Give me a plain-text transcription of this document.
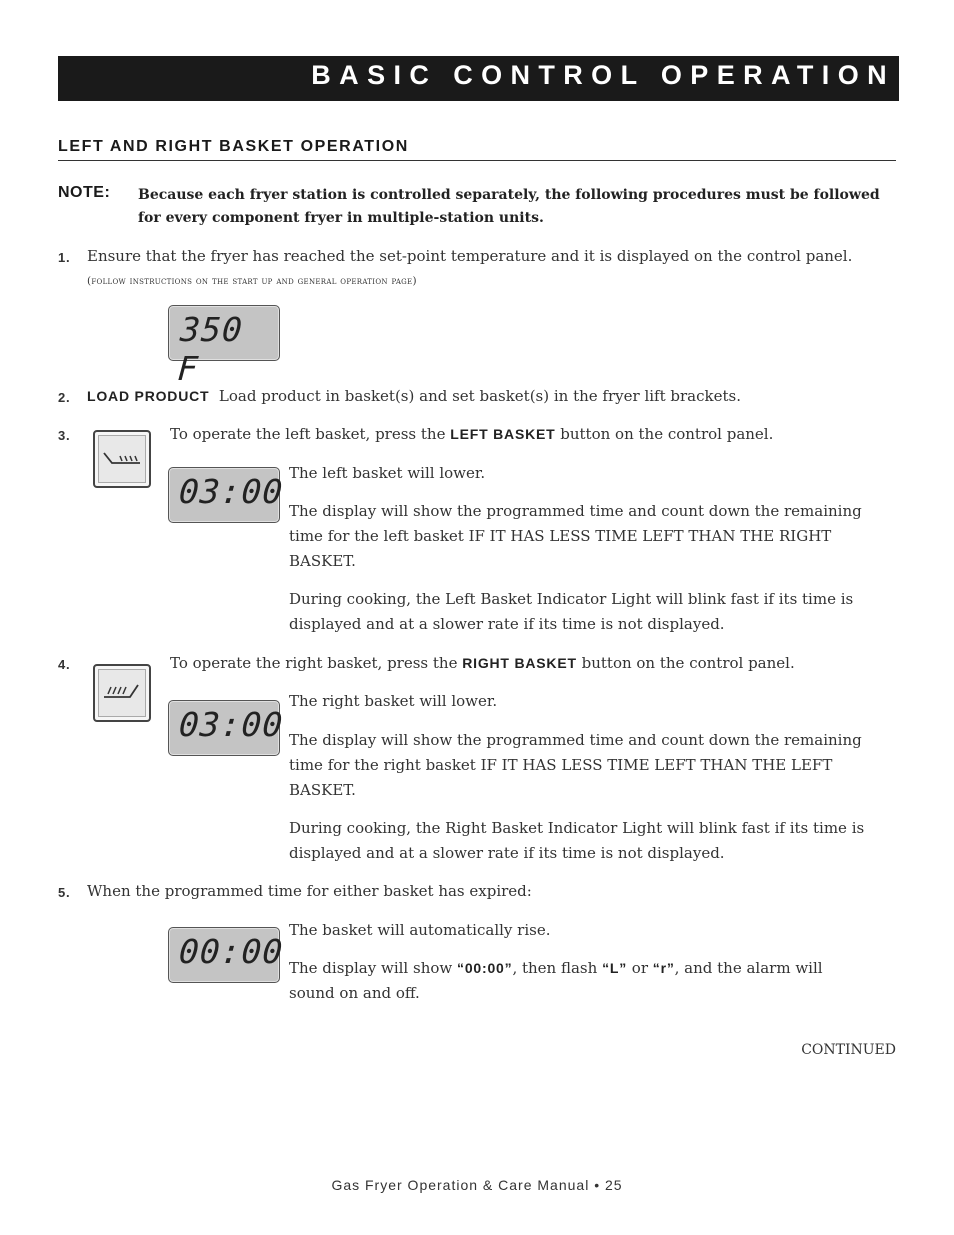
BASIC CONTROL OPERATION
LEFT AND RIGHT BASKET OPERATION
NOTE: Because each fryer station is controlled separately, the following procedures must be followed
for every component fryer in multiple-station units.
1. Ensure that the fryer has reached the set-point temperature and it is displayed on the control panel.
(follow instructions on the start up and general operation page)
350 F
2. LOAD PRODUCT Load product in basket(s) and set basket(s) in the fryer lift brackets.
3.	To operate the left basket, press the LEFT BASKET button on the control panel.
03:00 The left basket will lower.
The display will show the programmed time and count down the remaining
time for the left basket IF IT HAS LESS TIME LEFT THAN THE RIGHT
BASKET.
During cooking, the Left Basket Indicator Light will blink fast if its time is
displayed and at a slower rate if its time is not displayed.
4.	To operate the right basket, press the RIGHT BASKET button on the control panel.
03:00
The right basket will lower.
The display will show the programmed time and count down the remaining
time for the right basket IF IT HAS LESS TIME LEFT THAN THE LEFT
BASKET.
During cooking, the Right Basket Indicator Light will blink fast if its time is
displayed and at a slower rate if its time is not displayed.
5. When the programmed time for either basket has expired:
00:00
The basket will automatically rise.
The display will show “00:00”, then flash “L” or “r”, and the alarm will
sound on and off.
CONTINUED
Gas Fryer Operation & Care Manual • 25
